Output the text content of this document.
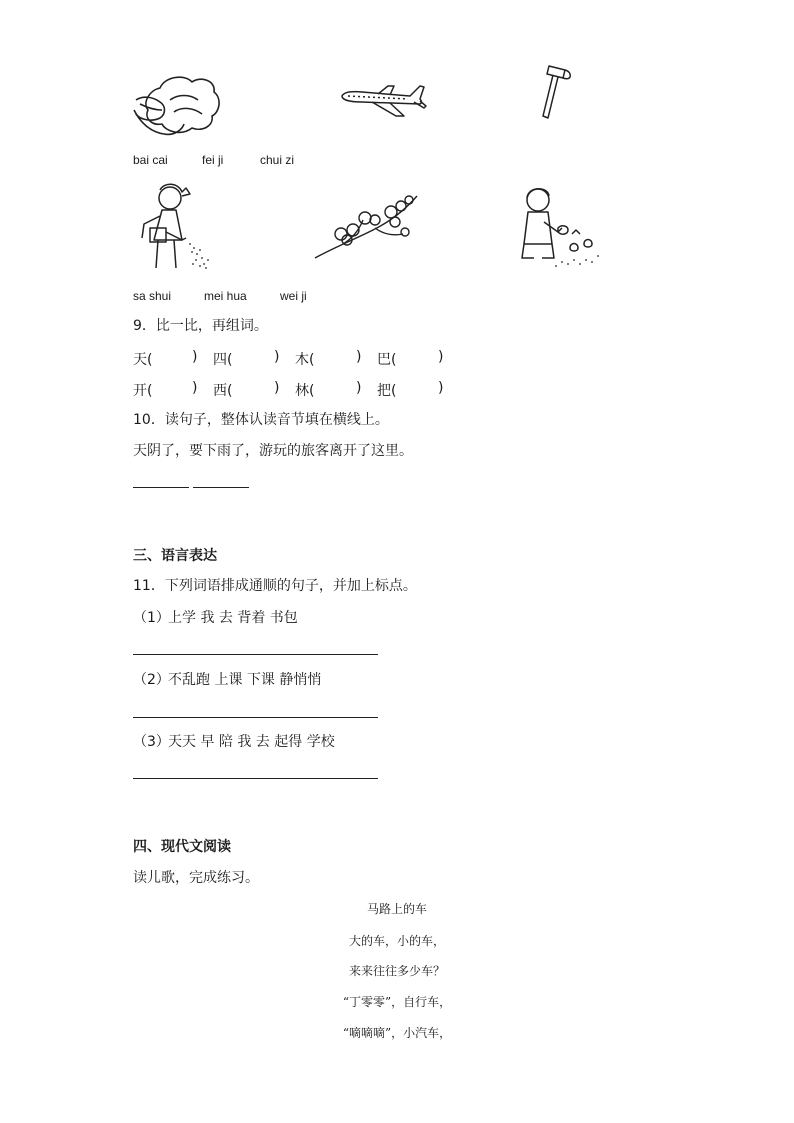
bai cai	fei ji	chui zi
sa shui	mei hua	wei ji
9．比一比，再组词。
天(	) 四(	) 木(	) 巴(	)
开(	) 西(	) 林(	) 把(	)
10．读句子，整体认读音节填在横线上。
天阴了，要下雨了，游玩的旅客离开了这里。
三、语言表达
11．下列词语排成通顺的句子，并加上标点。
（1）
上学 我 去 背着 书包
（2）
不乱跑 上课 下课 静悄悄
（3）
天天 早 陪 我 去 起得 学校
四、现代文阅读
读儿歌，完成练习。
马路上的车
大的车，小的车，
来来往往多少车？
“丁零零”，自行车，
“嘀嘀嘀”，小汽车，
